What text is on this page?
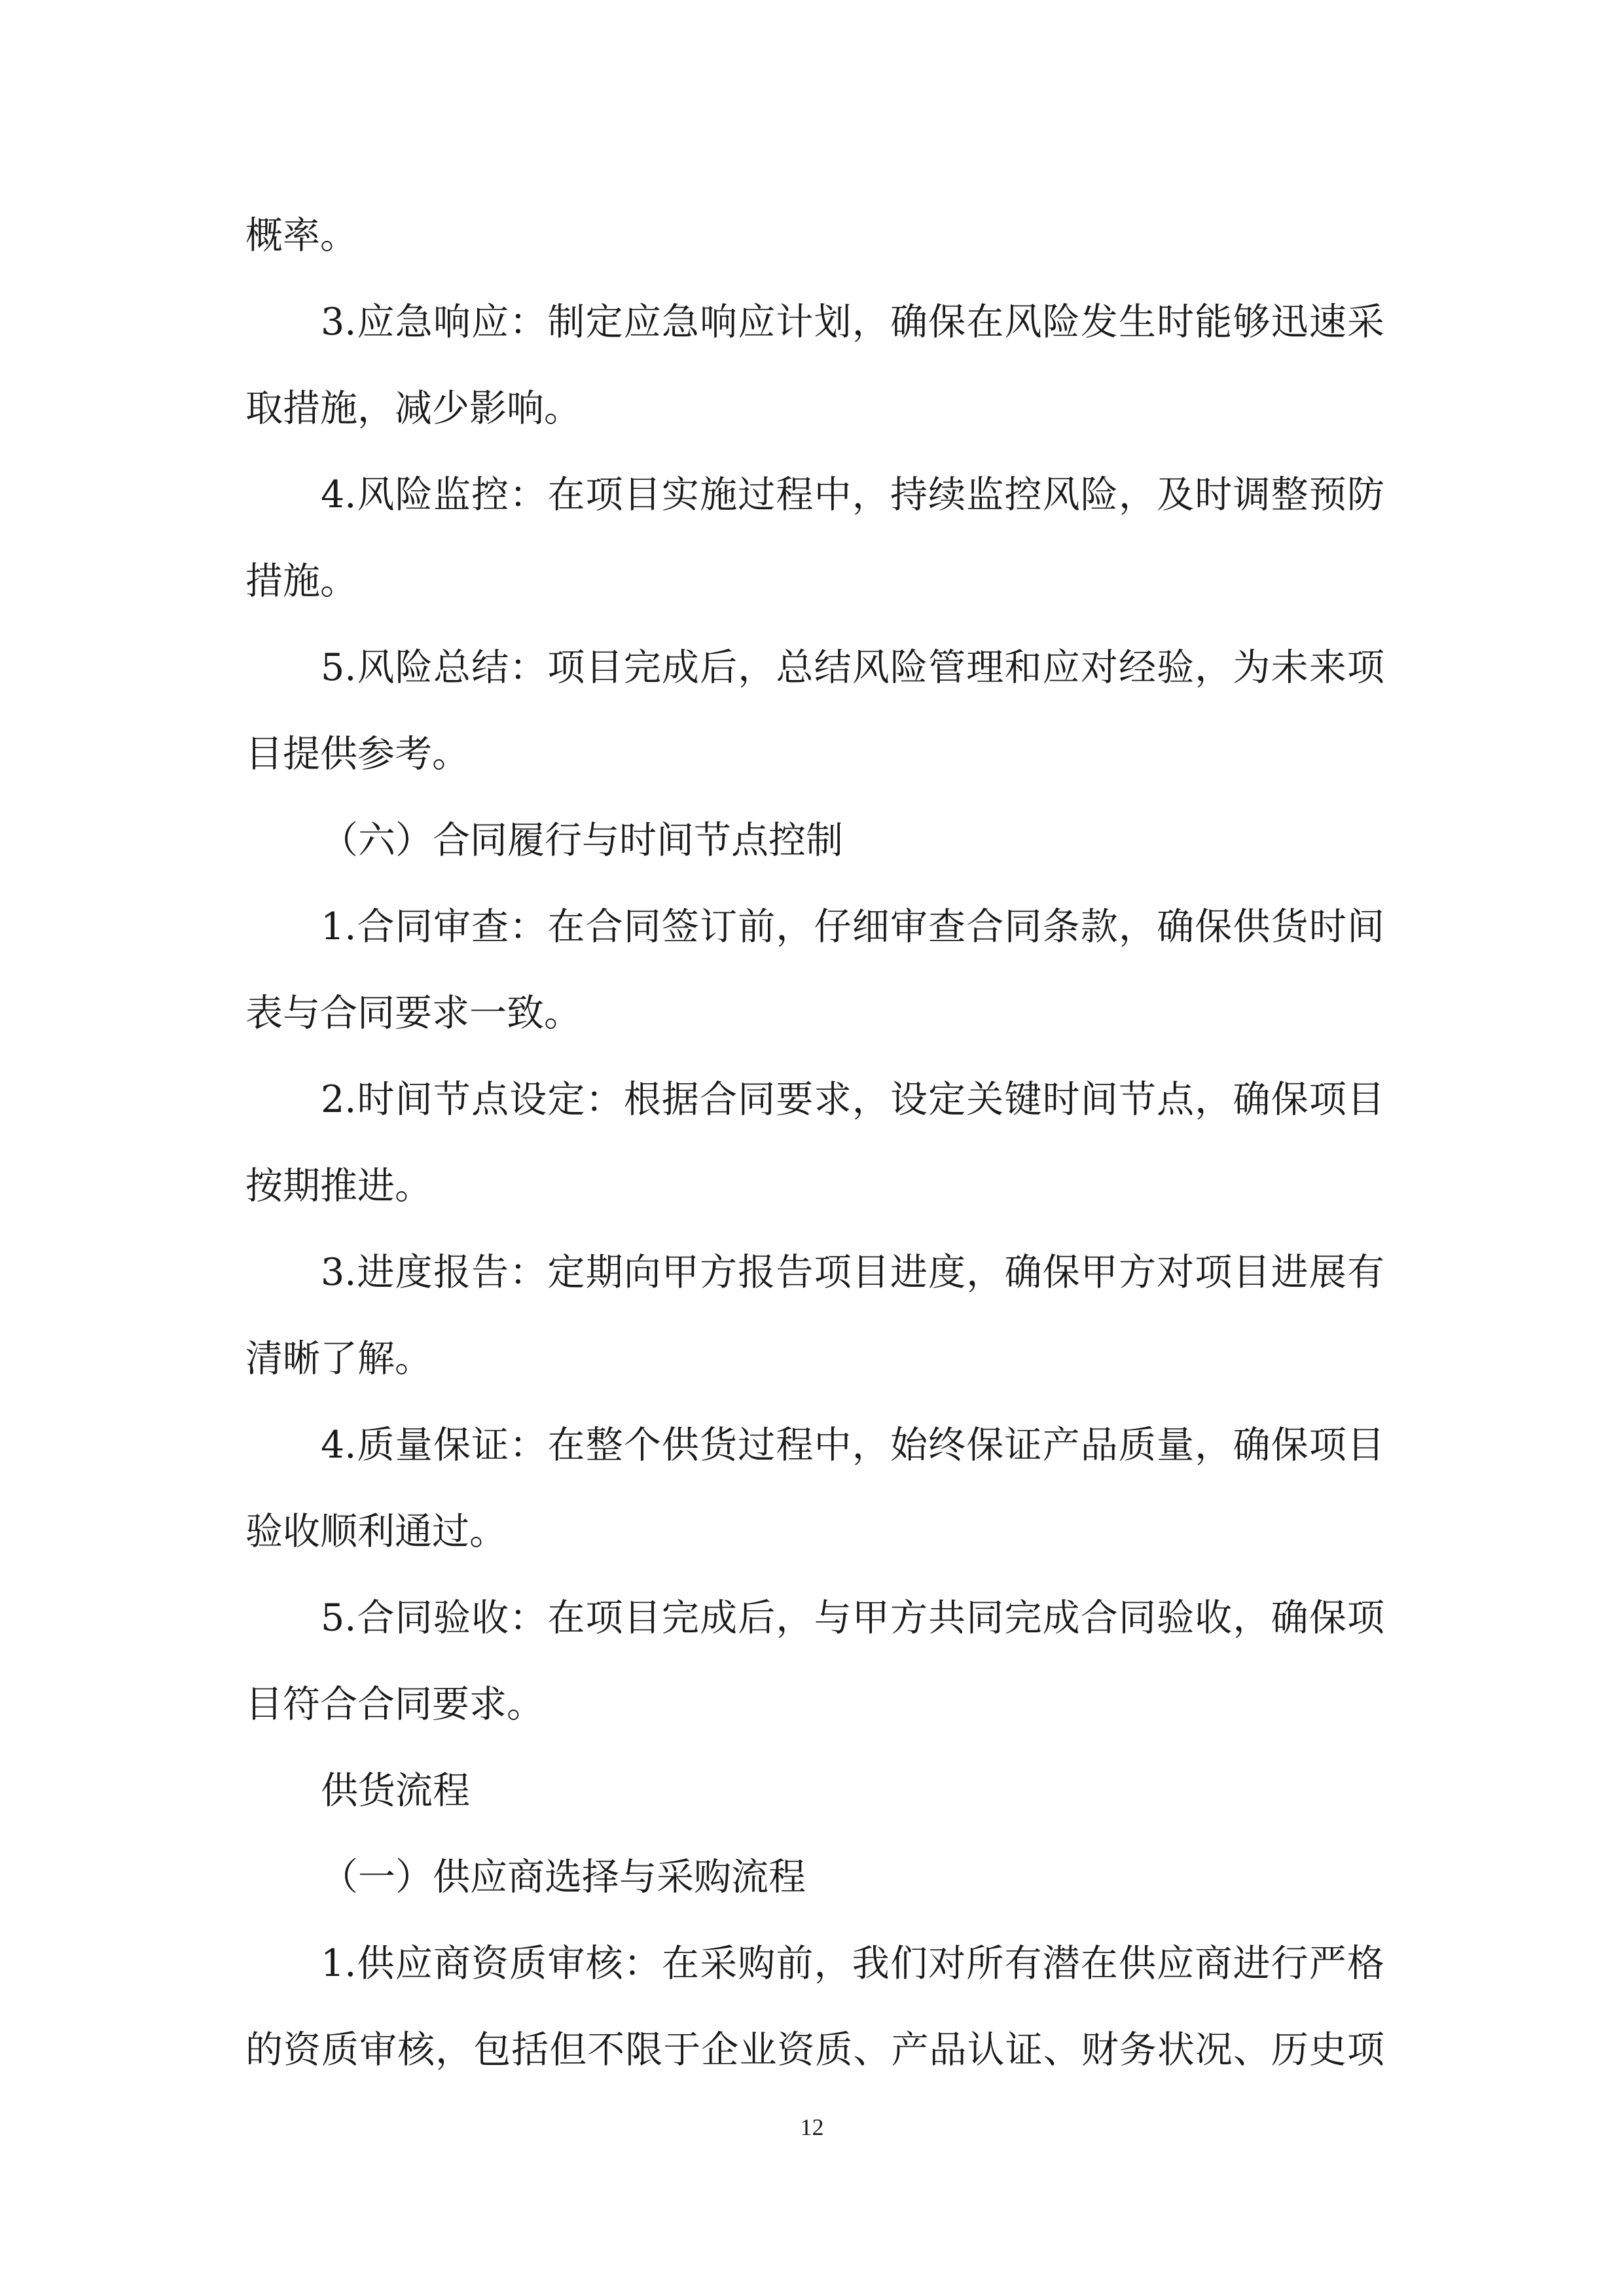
概率。

3.应急响应：制定应急响应计划，确保在风险发生时能够迅速采

取措施，减少影响。

4.风险监控：在项目实施过程中，持续监控风险，及时调整预防

措施。

5.风险总结：项目完成后，总结风险管理和应对经验，为未来项

目提供参考。

（六）合同履行与时间节点控制

1.合同审查：在合同签订前，仔细审查合同条款，确保供货时间

表与合同要求一致。

2.时间节点设定：根据合同要求，设定关键时间节点，确保项目

按期推进。

3.进度报告：定期向甲方报告项目进度，确保甲方对项目进展有

清晰了解。

4.质量保证：在整个供货过程中，始终保证产品质量，确保项目

验收顺利通过。

5.合同验收：在项目完成后，与甲方共同完成合同验收，确保项

目符合合同要求。

供货流程

（一）供应商选择与采购流程

1.供应商资质审核：在采购前，我们对所有潜在供应商进行严格

的资质审核，包括但不限于企业资质、产品认证、财务状况、历史项

12
